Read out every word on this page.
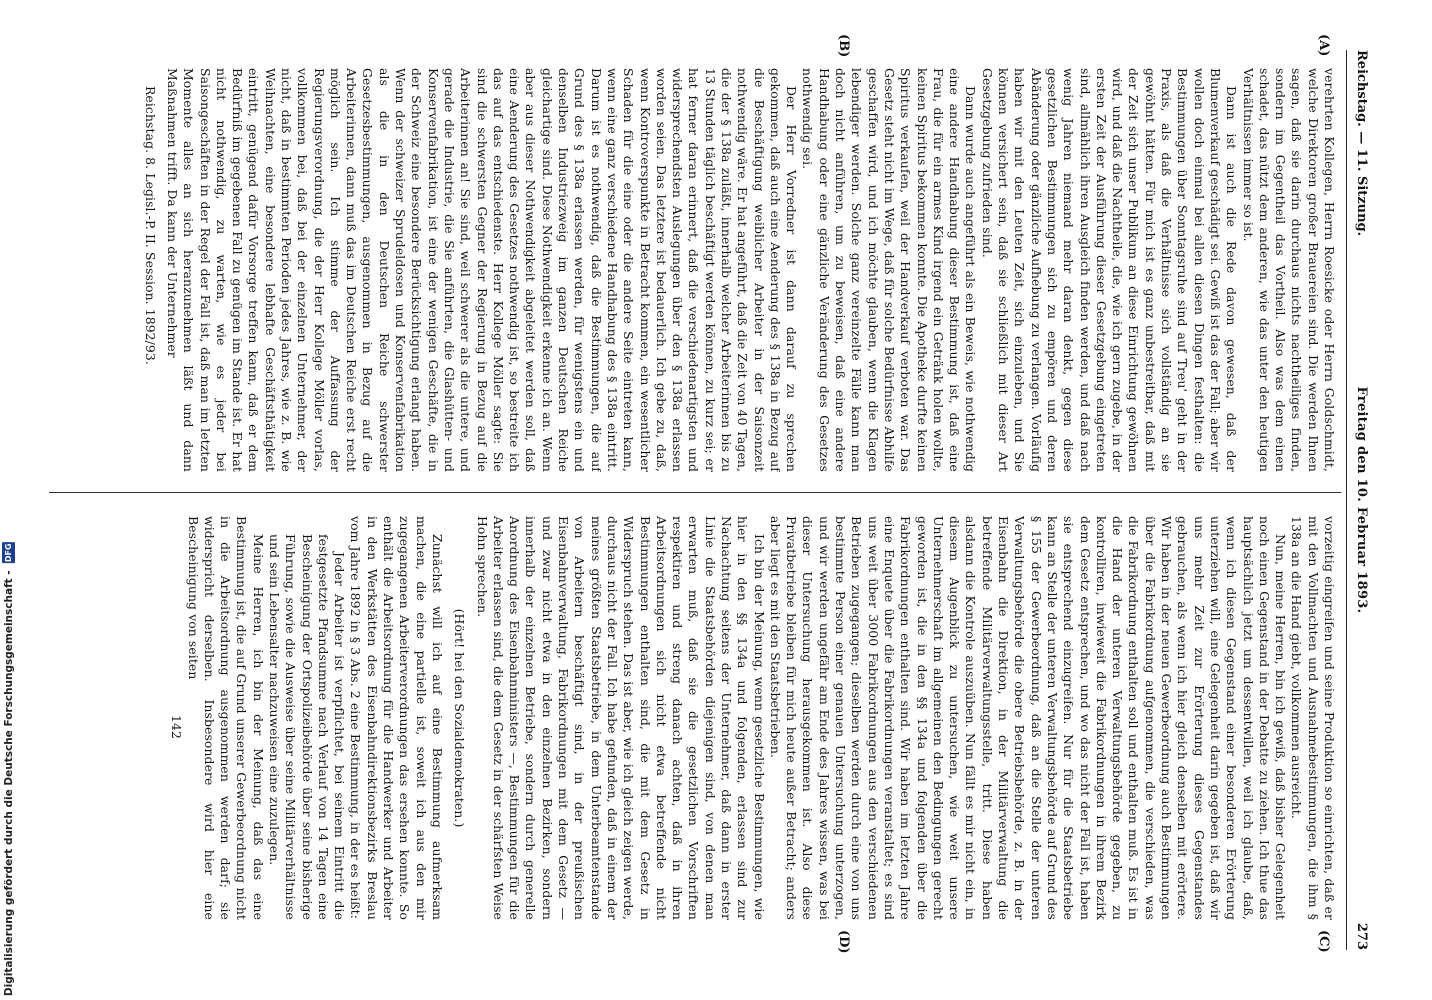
Digitalisierung gefördert durch die Deutsche Forschungsgemeinschaft - DFG
Reichstag. — 11. Sitzung.
Freitag den 10. Februar 1893.
273
(A)
(B)
(C)
(D)

verehrten Kollegen, Herrn Roesicke oder Herrn Goldschmidt, welche Direktoren großer Brauereien sind. Die werden Ihnen sagen, daß sie darin durchaus nichts nachtheiliges finden, sondern im Gegentheil das Vortheil. Also was dem einen schadet, das nützt dem anderen, wie das unter den heutigen Verhältnissen immer so ist.

Dann ist auch die Rede davon gewesen, daß der Blumenverkauf geschädigt sei. Gewiß ist das der Fall; aber wir wollen doch einmal bei allen diesen Dingen festhalten: die Bestimmungen über Sonntagsruhe sind auf Treu' geht in der Praxis, als daß die Verhältnisse sich vollständig an sie gewöhnt hätten. Für mich ist es ganz unbestreitbar, daß mit der Zeit sich unser Publikum an diese Einrichtung gewöhnen wird, und daß die Nachtheile, die, wie ich gern zugebe, in der ersten Zeit der Ausführung dieser Gesetzgebung eingetreten sind, allmählich ihren Ausgleich finden werden, und daß nach wenig Jahren niemand mehr daran denkt, gegen diese gesetzlichen Bestimmungen sich zu empören und deren Abänderung oder gänzliche Aufhebung zu verlangen. Vorläufig haben wir mit den Leuten Zeit, sich einzuleben, und Sie können versichert sein, daß sie schließlich mit dieser Art Gesetzgebung zufrieden sind.

Dann wurde auch angeführt als ein Beweis, wie nothwendig eine andere Handhabung dieser Bestimmung ist, daß eine Frau, die für ein armes Kind irgend ein Getränk holen wollte, keinen Spiritus bekommen konnte. Die Apotheke durfte keinen Spiritus verkaufen, weil der Handverkauf verboten war. Das Gesetz steht nicht im Wege, daß für solche Bedürfnisse Abhilfe geschaffen wird, und ich möchte glauben, wenn die Klagen lebendiger werden. Solche ganz vereinzelte Fälle kann man doch nicht anführen, um zu beweisen, daß eine andere Handhabung oder eine gänzliche Veränderung des Gesetzes nothwendig sei.

Der Herr Vorredner ist dann darauf zu sprechen gekommen, daß auch eine Aenderung des § 138a in Bezug auf die Beschäftigung weiblicher Arbeiter in der Saisonzeit nothwendig wäre. Er hat angeführt, daß die Zeit von 40 Tagen, die der § 138a zuläßt, innerhalb welcher Arbeiterinnen bis zu 13 Stunden täglich beschäftigt werden können, zu kurz sei; er hat ferner daran erinnert, daß die verschiedenartigsten und widersprechendsten Auslegungen über den § 138a erlassen worden seien. Das letztere ist bedauerlich. Ich gebe zu, daß, wenn Kontroverspunkte in Betracht kommen, ein wesentlicher Schaden für die eine oder die andere Seite eintreten kann, wenn eine ganz verschiedene Handhabung des § 138a eintritt. Darum ist es nothwendig, daß die Bestimmungen, die auf Grund des § 138a erlassen werden, für wenigstens ein und denselben Industriezweig im ganzen Deutschen Reiche gleichartige sind. Diese Nothwendigkeit erkenne ich an. Wenn aber aus dieser Nothwendigkeit abgeleitet werden soll, daß eine Aenderung des Gesetzes nothwendig ist, so bestreite ich das auf das entschiedenste. Herr Kollege Möller sagte: Sie sind die schwersten Gegner der Regierung in Bezug auf die Arbeiterinnen an! Sie sind, weil schwerer als die untere, und gerade die Industrie, die Sie anführten, die Glashütten- und Konservenfabrikation, ist eine der wenigen Geschäfte, die in der Schweiz eine besondere Berücksichtigung erlangt haben. Wenn der schweizer Sprudeldosen und Konservenfabrikation als die in den Deutschen Reiche schwerster Gesetzesbestimmungen, ausgenommen in Bezug auf die Arbeiterinnen, dann muß das im Deutschen Reiche erst recht möglich sein. Ich stimme der Auffassung der Regierungsverordnung, die der Herr Kollege Möller vorlas, vollkommen bei, daß bei der einzelnen Unternehmer, der nicht, daß in bestimmten Perioden jedes Jahres, wie z. B. wie Weihnachten, eine besondere lebhafte Geschäftsthätigkeit eintritt, genügend dafür Vorsorge treffen kann, daß er dem Bedürfniß im gegebenen Fall zu genügen im Stande ist. Er hat nicht nothwendig, zu warten, wie es jeder bei Saisongeschäften in der Regel der Fall ist, daß man im letzten Momente alles an sich heranzunehmen läßt und dann Maßnahmen trifft. Da kann der Unternehmer

Reichstag. 8. Legisl.-P. II. Session. 1892/93.

vorzeitig eingreifen und seine Produktion so einrichten, daß er mit den Vollmachten und Ausnahmebestimmungen, die ihm § 138a an die Hand giebt, vollkommen ausreicht.

Nun, meine Herren, bin ich gewiß, daß bisher Gelegenheit noch einen Gegenstand in der Debatte zu ziehen. Ich thue das hauptsächlich jetzt um dessentwillen, weil ich glaube, daß, wenn ich diesen Gegenstand einer besonderen Erörterung unterziehen will, eine Gelegenheit darin gegeben ist, daß wir uns mehr Zeit zur Erörterung dieses Gegenstandes gebrauchen, als wenn ich hier gleich denselben mit erörtere. Wir haben in der neuen Gewerbeordnung auch Bestimmungen über die Fabrikordnung aufgenommen, die verschieden, was die Fabrikordnung enthalten soll und enthalten muß. Es ist in die Hand der unteren Verwaltungsbehörde gegeben, zu kontrolliren, inwieweit die Fabrikordnungen in ihrem Bezirk dem Gesetz entsprechen, und wo das nicht der Fall ist, haben sie entsprechend einzugreifen. Nur für die Staatsbetriebe kann an Stelle der unteren Verwaltungsbehörde auf Grund des § 155 der Gewerbeordnung, daß an die Stelle der unteren Verwaltungsbehörde die obere Betriebsbehörde, z. B. in der Eisenbahn die Direktion, in der Militärverwaltung die betreffende Militärverwaltungsstelle, tritt. Diese haben alsdann die Kontrole auszuüben. Nun fällt es mir nicht ein, in diesem Augenblick zu untersuchen, wie weit unsere Unternehmerschaft im allgemeinen den Bedingungen gerecht geworden ist, die in den §§ 134a und folgenden über die Fabrikordnungen enthalten sind. Wir haben im letzten Jahre eine Enquete über die Fabrikordnungen veranstaltet; es sind uns weit über 3000 Fabrikordnungen aus den verschiedenen Betrieben zugegangen; dieselben werden durch eine von uns bestimmte Person einer genauen Untersuchung unterzogen, und wir werden ungefähr am Ende des Jahres wissen, was bei dieser Untersuchung herausgekommen ist. Also diese Privatbetriebe bleiben für mich heute außer Betracht; anders aber liegt es mit den Staatsbetrieben.

Ich bin der Meinung, wenn gesetzliche Bestimmungen, wie hier in den §§ 134a und folgenden, erlassen sind zur Nachachtung seitens der Unternehmer, daß dann in erster Linie die Staatsbehörden diejenigen sind, von denen man erwarten muß, daß sie die gesetzlichen Vorschriften respektiren und streng danach achten, daß in ihren Arbeitsordnungen sich nicht etwa betreffende nicht Bestimmungen enthalten sind, die mit dem Gesetz in Widerspruch stehen. Das ist aber, wie ich gleich zeigen werde, durchaus nicht der Fall. Ich habe gefunden, daß in einem der meines größten Staatsbetriebe, in dem Unterbeamtenstande von Arbeitern beschäftigt sind, in der preußischen Eisenbahnverwaltung, Fabrikordnungen mit dem Gesetz — und zwar nicht etwa in den einzelnen Bezirken, sondern innerhalb der einzelnen Betriebe, sondern durch generelle Anordnung des Eisenbahnministers —, Bestimmungen für die Arbeiter erlassen sind, die dem Gesetz in der schärfsten Weise Hohn sprechen.

(Hört! hei den Sozialdemokraten.)

Zunächst will ich auf eine Bestimmung aufmerksam machen, die eine partielle ist, soweit ich aus den mir zugegangenen Arbeiterverordnungen das ersehen konnte. So enthält die Arbeitsordnung für die Handwerker und Arbeiter in den Werkstätten des Eisenbahndirektionsbezirks Breslau vom Jahre 1892 in § 3 Abs. 2 eine Bestimmung, in der es heißt:

Jeder Arbeiter ist verpflichtet, bei seinem Eintritt die festgesetzte Pfandsumme nach Verlauf von 14 Tagen eine Bescheinigung der Ortspolizeibehörde über seine bisherige Führung, sowie die Ausweise über seine Militärverhältnisse und sein Lebensalter nachzuweisen eine zuzulegen.

Meine Herren, ich bin der Meinung, daß das eine Bestimmung ist, die auf Grund unserer Gewerbeordnung nicht in die Arbeitsordnung ausgenommen werden darf; sie widerspricht derselben. Insbesondere wird hier eine Bescheinigung von seiten

142
